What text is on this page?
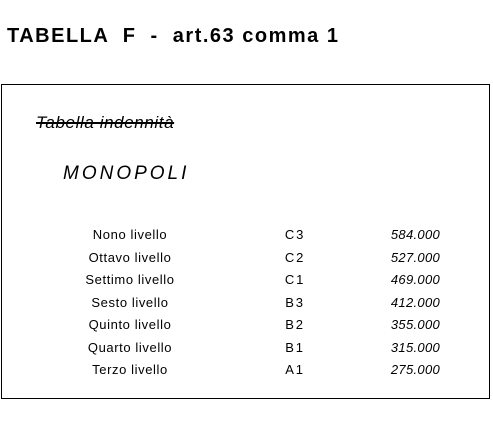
TABELLA  F  -  art.63 comma 1
Tabella indennità
MONOPOLI
Nono livello	C3	584.000
Ottavo livello	C2	527.000
Settimo livello	C1	469.000
Sesto livello	B3	412.000
Quinto livello	B2	355.000
Quarto livello	B1	315.000
Terzo livello	A1	275.000
